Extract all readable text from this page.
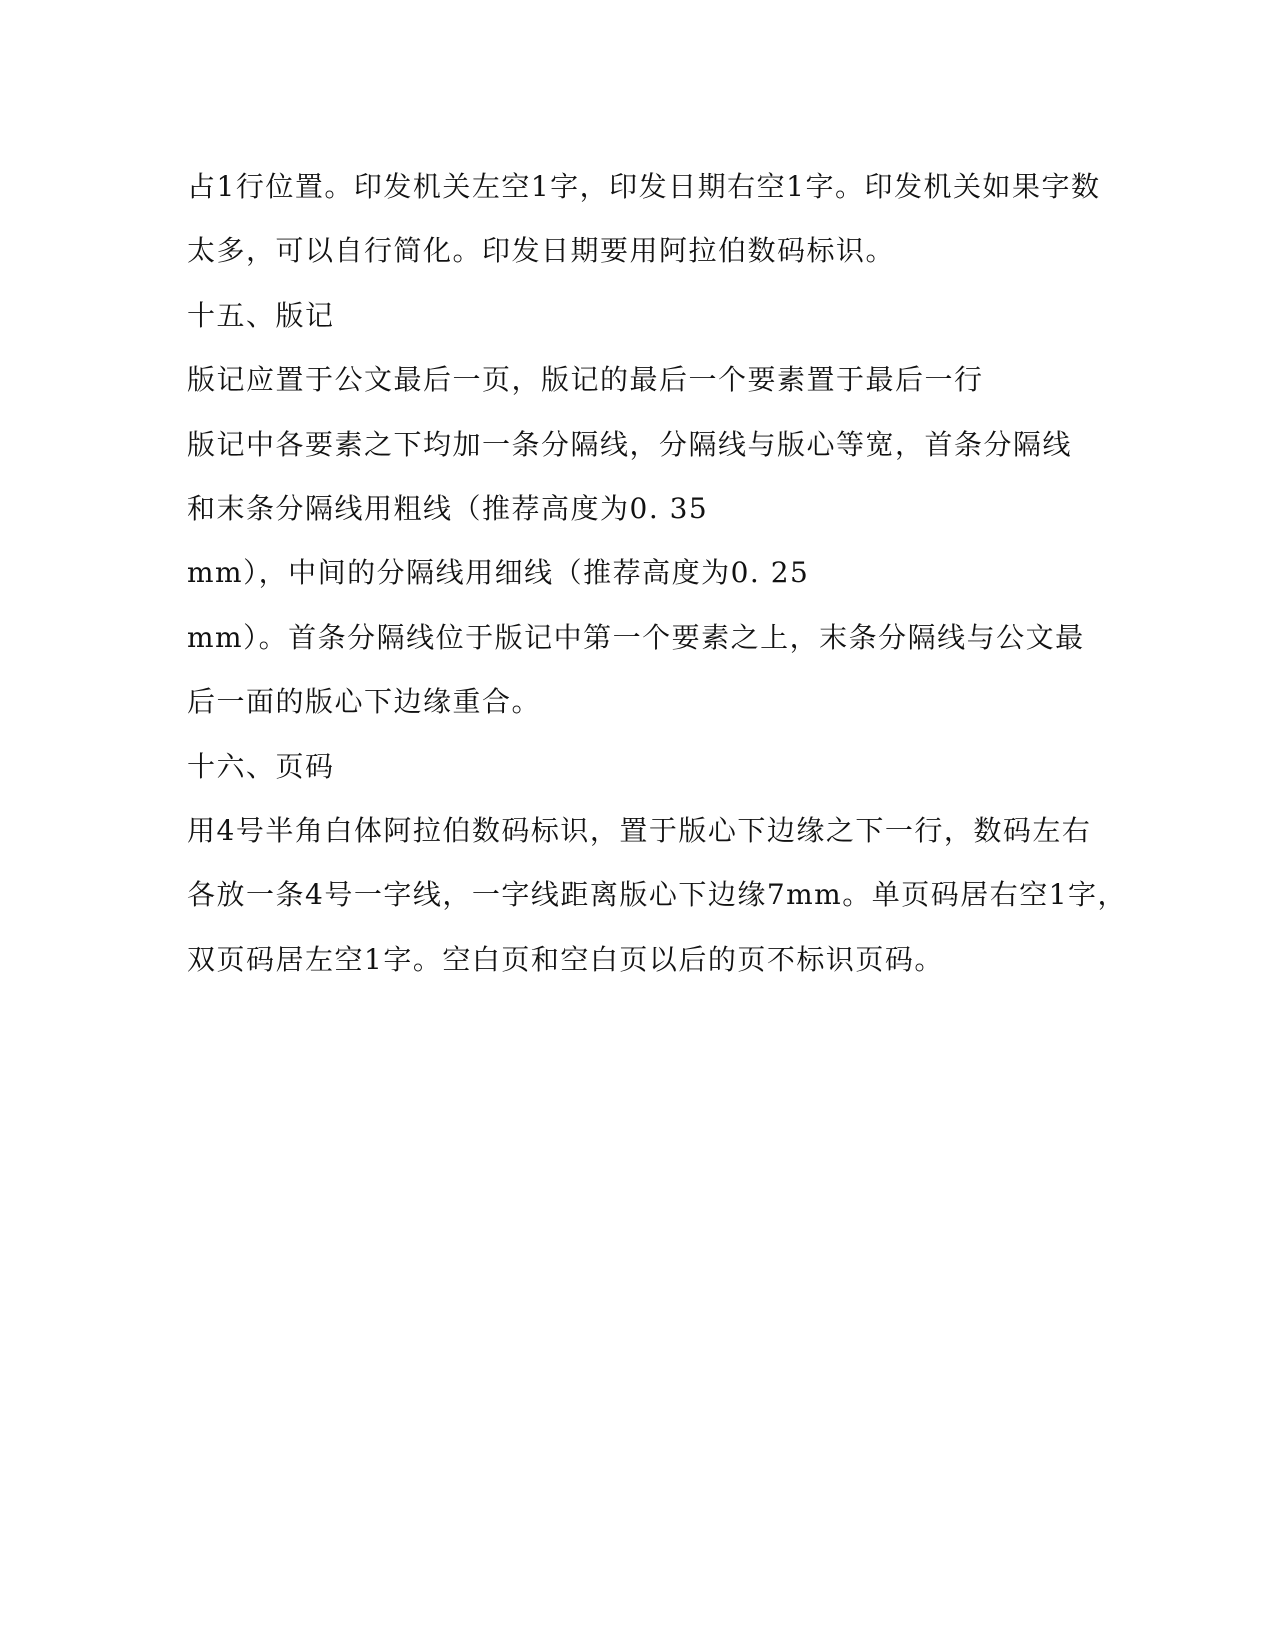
占1行位置。印发机关左空1字，印发日期右空1字。印发机关如果字数
太多，可以自行简化。印发日期要用阿拉伯数码标识。
十五、版记
版记应置于公文最后一页，版记的最后一个要素置于最后一行
版记中各要素之下均加一条分隔线，分隔线与版心等宽，首条分隔线
和末条分隔线用粗线（推荐高度为0. 35
mm），中间的分隔线用细线（推荐高度为0. 25
mm）。首条分隔线位于版记中第一个要素之上，末条分隔线与公文最
后一面的版心下边缘重合。
十六、页码
用4号半角白体阿拉伯数码标识，置于版心下边缘之下一行，数码左右
各放一条4号一字线，一字线距离版心下边缘7mm。单页码居右空1字，
双页码居左空1字。空白页和空白页以后的页不标识页码。
